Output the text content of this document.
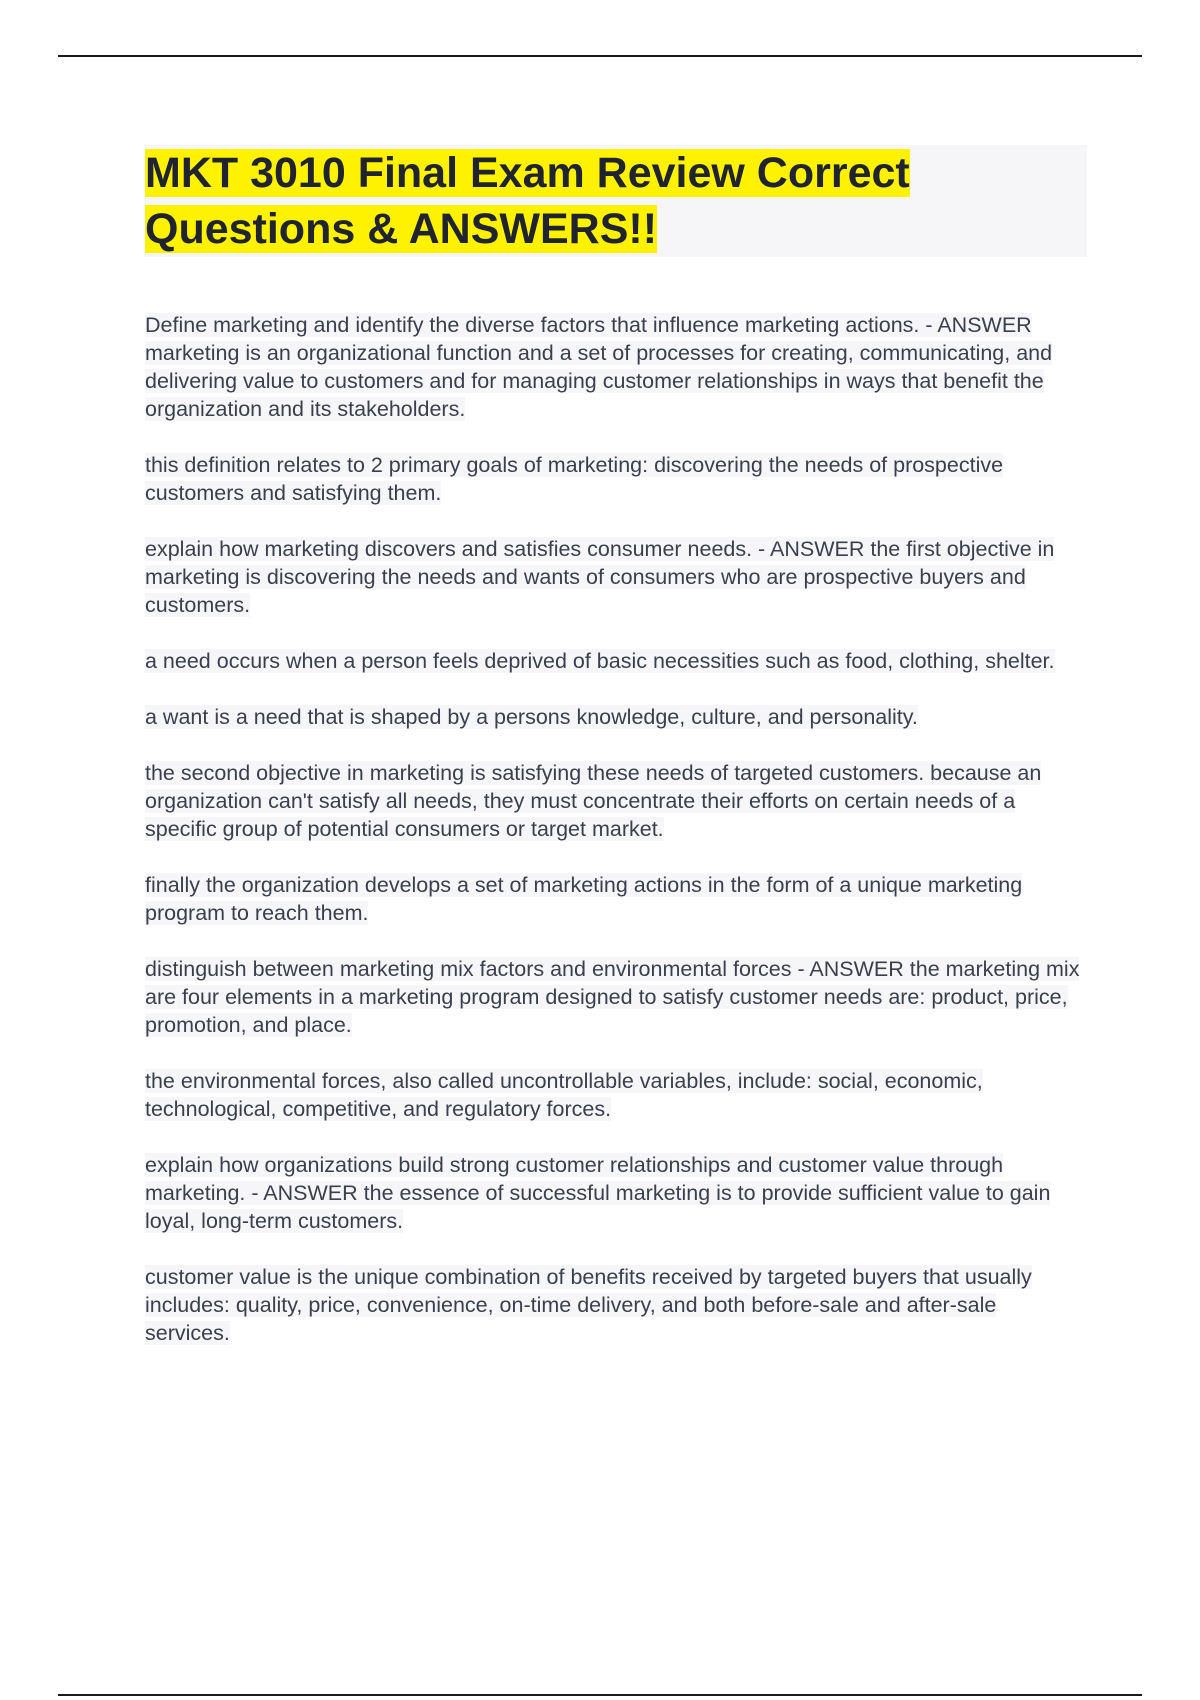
MKT 3010 Final Exam Review Correct
Questions & ANSWERS!!

Define marketing and identify the diverse factors that influence marketing actions. - ANSWER marketing is an organizational function and a set of processes for creating, communicating, and delivering value to customers and for managing customer relationships in ways that benefit the organization and its stakeholders.

this definition relates to 2 primary goals of marketing: discovering the needs of prospective customers and satisfying them.

explain how marketing discovers and satisfies consumer needs. - ANSWER the first objective in marketing is discovering the needs and wants of consumers who are prospective buyers and customers.

a need occurs when a person feels deprived of basic necessities such as food, clothing, shelter.

a want is a need that is shaped by a persons knowledge, culture, and personality.

the second objective in marketing is satisfying these needs of targeted customers. because an organization can't satisfy all needs, they must concentrate their efforts on certain needs of a specific group of potential consumers or target market.

finally the organization develops a set of marketing actions in the form of a unique marketing program to reach them.

distinguish between marketing mix factors and environmental forces - ANSWER the marketing mix are four elements in a marketing program designed to satisfy customer needs are: product, price, promotion, and place.

the environmental forces, also called uncontrollable variables, include: social, economic, technological, competitive, and regulatory forces.

explain how organizations build strong customer relationships and customer value through marketing. - ANSWER the essence of successful marketing is to provide sufficient value to gain loyal, long-term customers.

customer value is the unique combination of benefits received by targeted buyers that usually includes: quality, price, convenience, on-time delivery, and both before-sale and after-sale services.
